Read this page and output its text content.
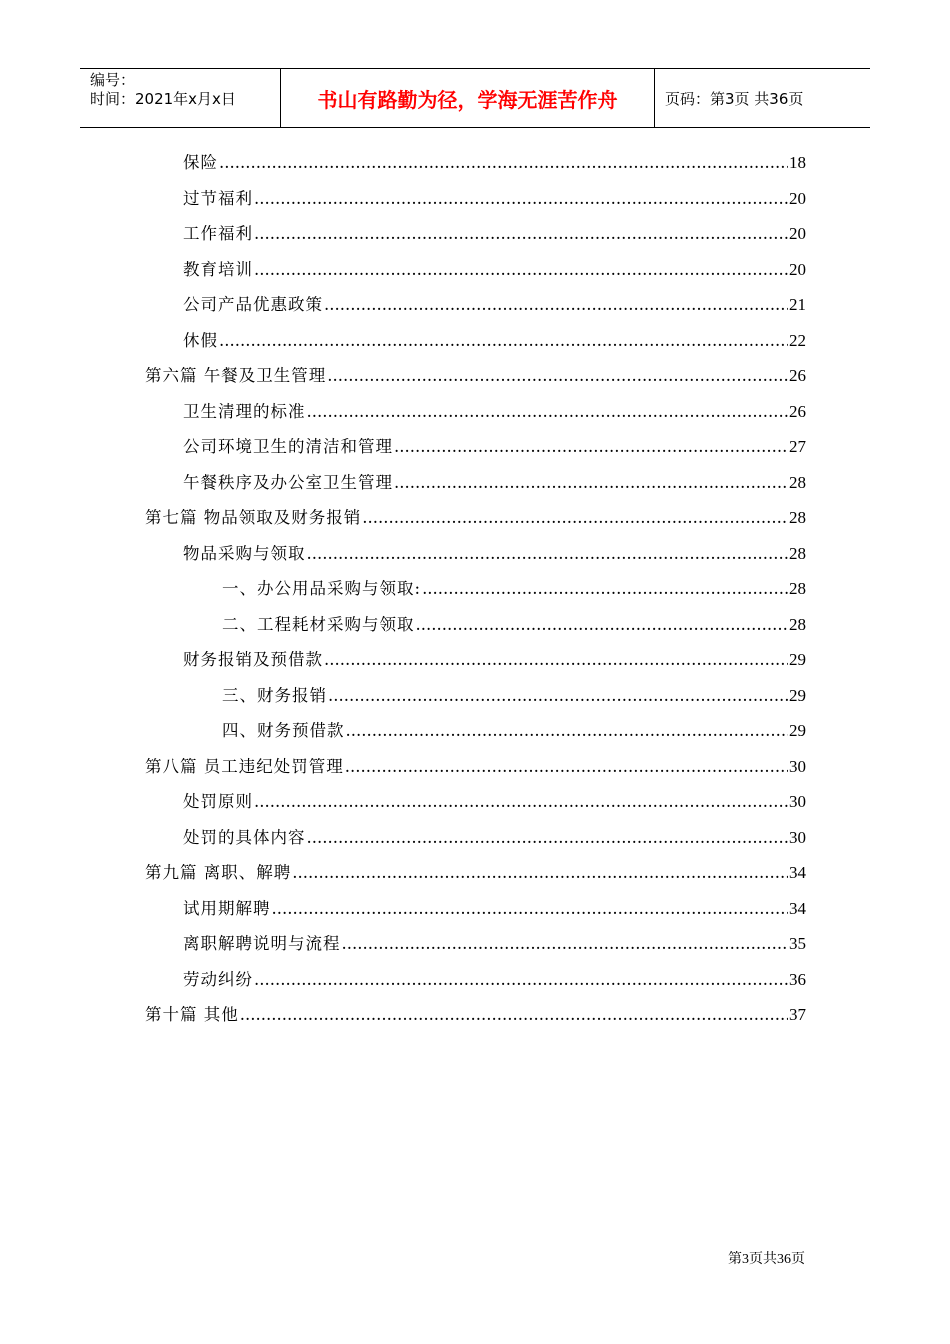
编号：
时间：2021年x月x日	书山有路勤为径，学海无涯苦作舟	页码：第3页 共36页
保险 .....	18
过节福利 .....	20
工作福利 .....	20
教育培训 .....	20
公司产品优惠政策 .....	21
休假 .....	22
第六篇 午餐及卫生管理 .....	26
卫生清理的标准 .....	26
公司环境卫生的清洁和管理 .....	27
午餐秩序及办公室卫生管理 .....	28
第七篇 物品领取及财务报销 .....	28
物品采购与领取 .....	28
一、办公用品采购与领取: .....	28
二、工程耗材采购与领取 .....	28
财务报销及预借款 .....	29
三、财务报销 .....	29
四、财务预借款 .....	29
第八篇 员工违纪处罚管理 .....	30
处罚原则 .....	30
处罚的具体内容 .....	30
第九篇 离职、解聘 .....	34
试用期解聘 .....	34
离职解聘说明与流程 .....	35
劳动纠纷 .....	36
第十篇 其他 .....	37
第3页共36页
